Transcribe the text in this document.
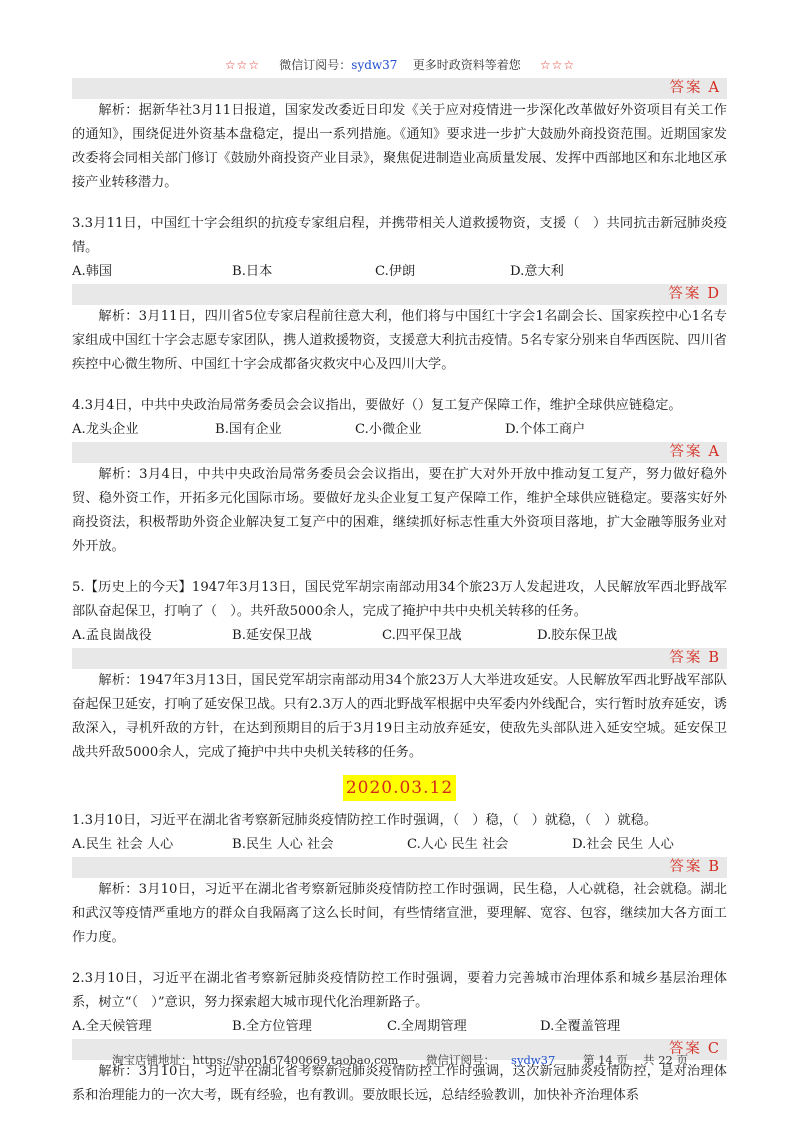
☆☆☆ 微信订阅号：sydw37 更多时政资料等着您 ☆☆☆
答案 A

解析：据新华社3月11日报道，国家发改委近日印发《关于应对疫情进一步深化改革做好外资项目有关工作的通知》，围绕促进外资基本盘稳定，提出一系列措施。《通知》要求进一步扩大鼓励外商投资范围。近期国家发改委将会同相关部门修订《鼓励外商投资产业目录》，聚焦促进制造业高质量发展、发挥中西部地区和东北地区承接产业转移潜力。

3.3月11日，中国红十字会组织的抗疫专家组启程，并携带相关人道救援物资，支援（　）共同抗击新冠肺炎疫情。

A.韩国	B.日本	C.伊朗	D.意大利
答案 D

解析：3月11日，四川省5位专家启程前往意大利，他们将与中国红十字会1名副会长、国家疾控中心1名专家组成中国红十字会志愿专家团队，携人道救援物资，支援意大利抗击疫情。5名专家分别来自华西医院、四川省疾控中心微生物所、中国红十字会成都备灾救灾中心及四川大学。

4.3月4日，中共中央政治局常务委员会会议指出，要做好（）复工复产保障工作，维护全球供应链稳定。

A.龙头企业	B.国有企业	C.小微企业	D.个体工商户
答案 A

解析：3月4日，中共中央政治局常务委员会会议指出，要在扩大对外开放中推动复工复产，努力做好稳外贸、稳外资工作，开拓多元化国际市场。要做好龙头企业复工复产保障工作，维护全球供应链稳定。要落实好外商投资法，积极帮助外资企业解决复工复产中的困难，继续抓好标志性重大外资项目落地，扩大金融等服务业对外开放。

5.【历史上的今天】1947年3月13日，国民党军胡宗南部动用34个旅23万人发起进攻，人民解放军西北野战军部队奋起保卫，打响了（　）。共歼敌5000余人，完成了掩护中共中央机关转移的任务。

A.孟良崮战役	B.延安保卫战	C.四平保卫战	D.胶东保卫战
答案 B

解析：1947年3月13日，国民党军胡宗南部动用34个旅23万人大举进攻延安。人民解放军西北野战军部队奋起保卫延安，打响了延安保卫战。只有2.3万人的西北野战军根据中央军委内外线配合，实行暂时放弃延安，诱敌深入，寻机歼敌的方针，在达到预期目的后于3月19日主动放弃延安，使敌先头部队进入延安空城。延安保卫战共歼敌5000余人，完成了掩护中共中央机关转移的任务。

2020.03.12

1.3月10日，习近平在湖北省考察新冠肺炎疫情防控工作时强调，（　）稳，（　）就稳，（　）就稳。

A.民生 社会 人心	B.民生 人心 社会	C.人心 民生 社会	D.社会 民生 人心
答案 B

解析：3月10日，习近平在湖北省考察新冠肺炎疫情防控工作时强调，民生稳，人心就稳，社会就稳。湖北和武汉等疫情严重地方的群众自我隔离了这么长时间，有些情绪宣泄，要理解、宽容、包容，继续加大各方面工作力度。

2.3月10日，习近平在湖北省考察新冠肺炎疫情防控工作时强调，要着力完善城市治理体系和城乡基层治理体系，树立“（　）”意识，努力探索超大城市现代化治理新路子。

A.全天候管理	B.全方位管理	C.全周期管理	D.全覆盖管理
答案 C

解析：3月10日，习近平在湖北省考察新冠肺炎疫情防控工作时强调，这次新冠肺炎疫情防控，是对治理体系和治理能力的一次大考，既有经验，也有教训。要放眼长远，总结经验教训，加快补齐治理体系

淘宝店铺地址：https://shop167400669.taobao.com 微信订阅号： sydw37 第 14 页　 共 22 页
